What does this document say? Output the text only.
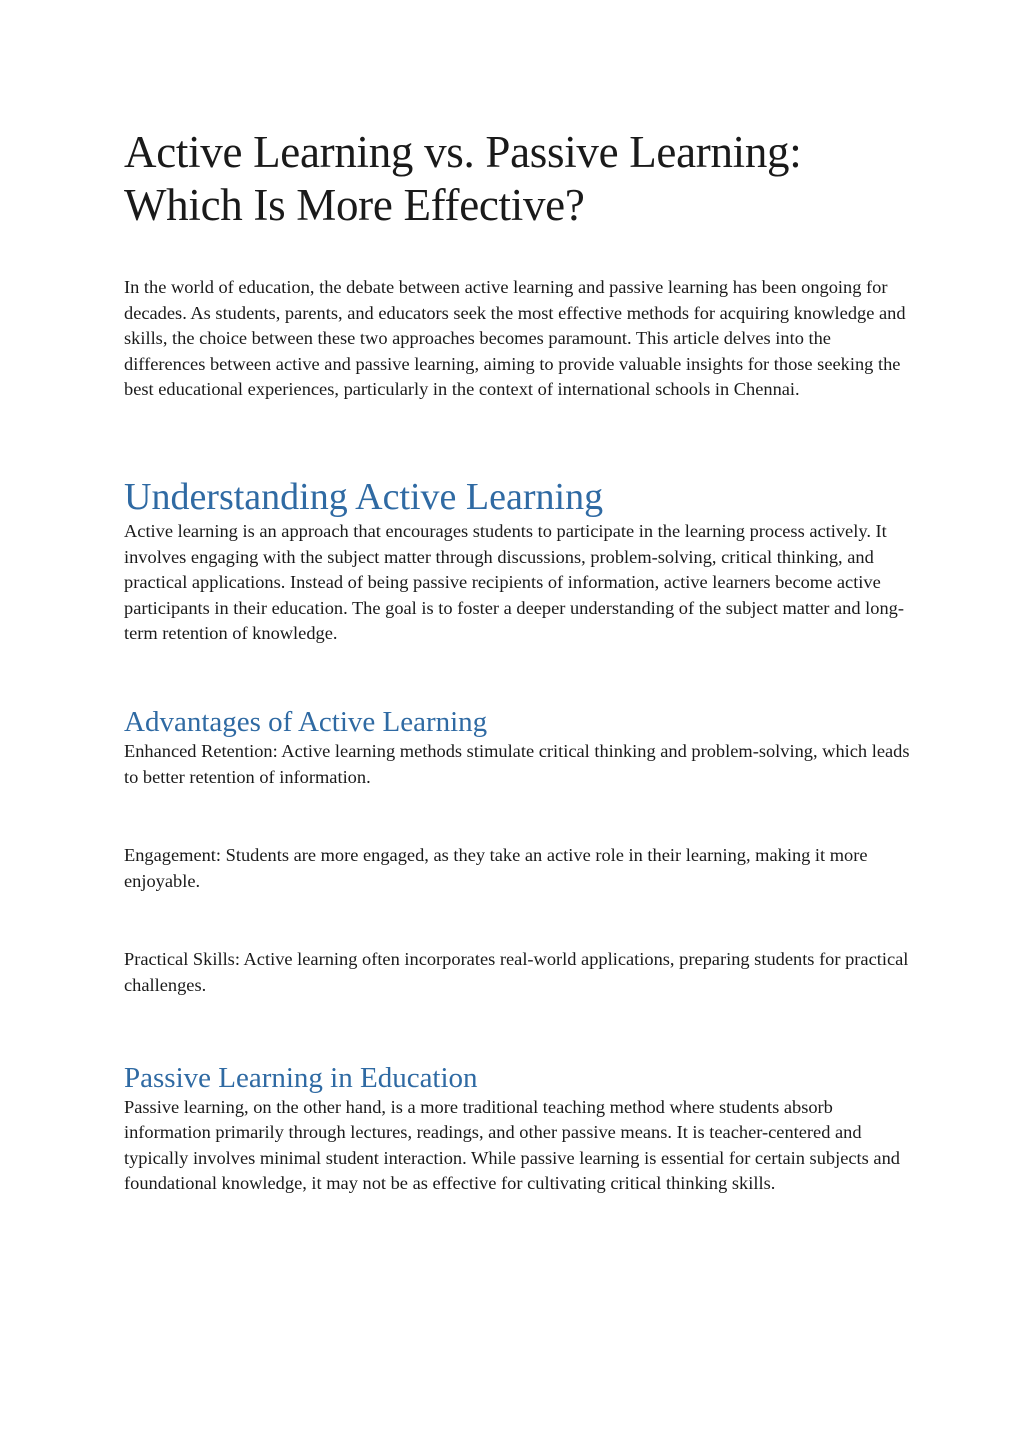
Active Learning vs. Passive Learning:
Which Is More Effective?

In the world of education, the debate between active learning and passive learning has been ongoing for decades. As students, parents, and educators seek the most effective methods for acquiring knowledge and skills, the choice between these two approaches becomes paramount. This article delves into the differences between active and passive learning, aiming to provide valuable insights for those seeking the best educational experiences, particularly in the context of international schools in Chennai.

Understanding Active Learning

Active learning is an approach that encourages students to participate in the learning process actively. It involves engaging with the subject matter through discussions, problem-solving, critical thinking, and practical applications. Instead of being passive recipients of information, active learners become active participants in their education. The goal is to foster a deeper understanding of the subject matter and long-term retention of knowledge.

Advantages of Active Learning

Enhanced Retention: Active learning methods stimulate critical thinking and problem-solving, which leads to better retention of information.

Engagement: Students are more engaged, as they take an active role in their learning, making it more enjoyable.

Practical Skills: Active learning often incorporates real-world applications, preparing students for practical challenges.

Passive Learning in Education

Passive learning, on the other hand, is a more traditional teaching method where students absorb information primarily through lectures, readings, and other passive means. It is teacher-centered and typically involves minimal student interaction. While passive learning is essential for certain subjects and foundational knowledge, it may not be as effective for cultivating critical thinking skills.
